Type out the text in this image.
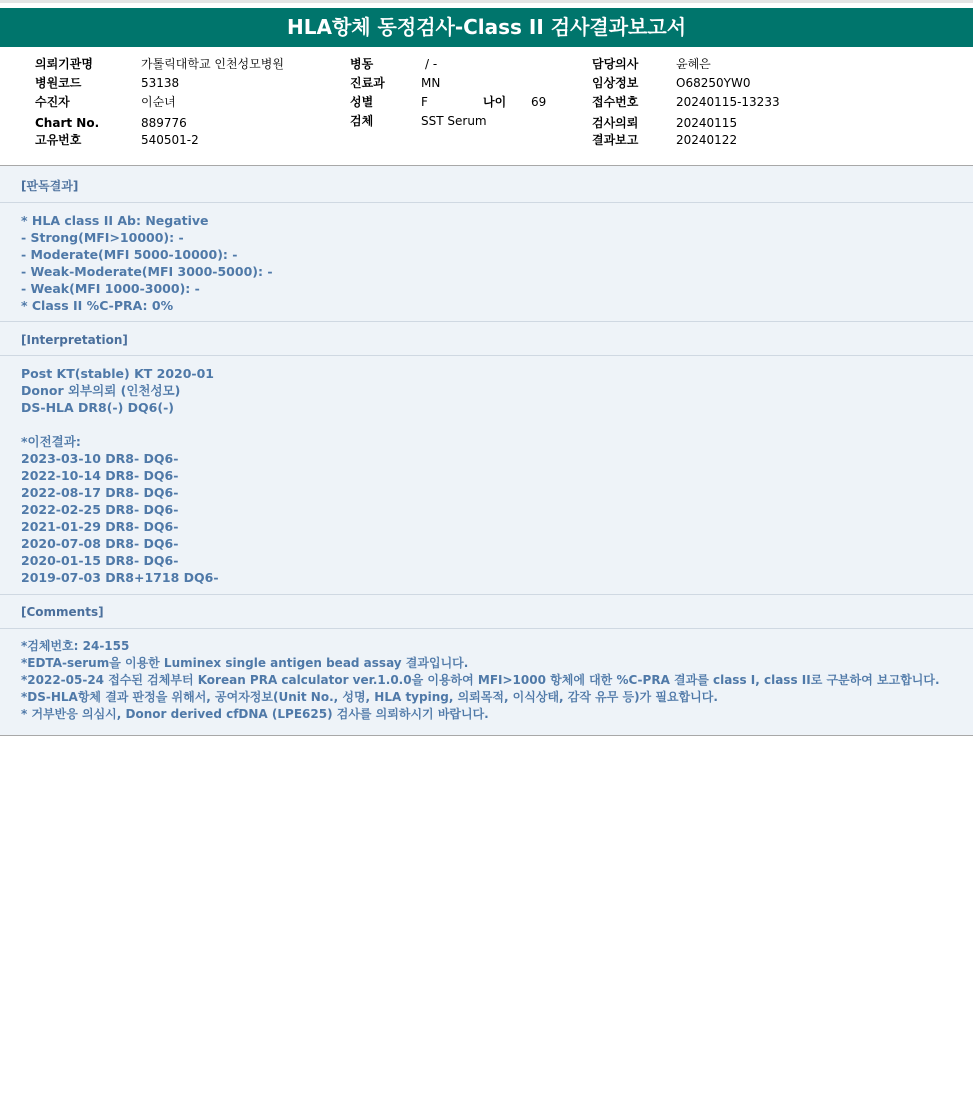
HLA항체 동정검사-Class II 검사결과보고서
의뢰기관명	가톨릭대학교 인천성모병원
병원코드	53138
수진자	이순녀
Chart No.	889776
고유번호	540501-2
병동	/ -
진료과	MN
성별	F	나이 69
검체	SST Serum
담당의사	윤혜은
임상정보	O68250YW0
접수번호	20240115-13233
검사의뢰	20240115
결과보고	20240122
[판독결과]
* HLA class II Ab: Negative
- Strong(MFI>10000): -
- Moderate(MFI 5000-10000): -
- Weak-Moderate(MFI 3000-5000): -
- Weak(MFI 1000-3000): -
* Class II %C-PRA: 0%
[Interpretation]
Post KT(stable) KT 2020-01
Donor 외부의뢰 (인천성모)
DS-HLA DR8(-) DQ6(-)
*이전결과:
2023-03-10 DR8- DQ6-
2022-10-14 DR8- DQ6-
2022-08-17 DR8- DQ6-
2022-02-25 DR8- DQ6-
2021-01-29 DR8- DQ6-
2020-07-08 DR8- DQ6-
2020-01-15 DR8- DQ6-
2019-07-03 DR8+1718 DQ6-
[Comments]
*검체번호: 24-155
*EDTA-serum을 이용한 Luminex single antigen bead assay 결과입니다.
*2022-05-24 접수된 검체부터 Korean PRA calculator ver.1.0.0을 이용하여 MFI>1000 항체에 대한 %C-PRA 결과를 class I, class II로 구분하여 보고합니다.
*DS-HLA항체 결과 판정을 위해서, 공여자정보(Unit No., 성명, HLA typing, 의뢰목적, 이식상태, 감작 유무 등)가 필요합니다.
* 거부반응 의심시, Donor derived cfDNA (LPE625) 검사를 의뢰하시기 바랍니다.
